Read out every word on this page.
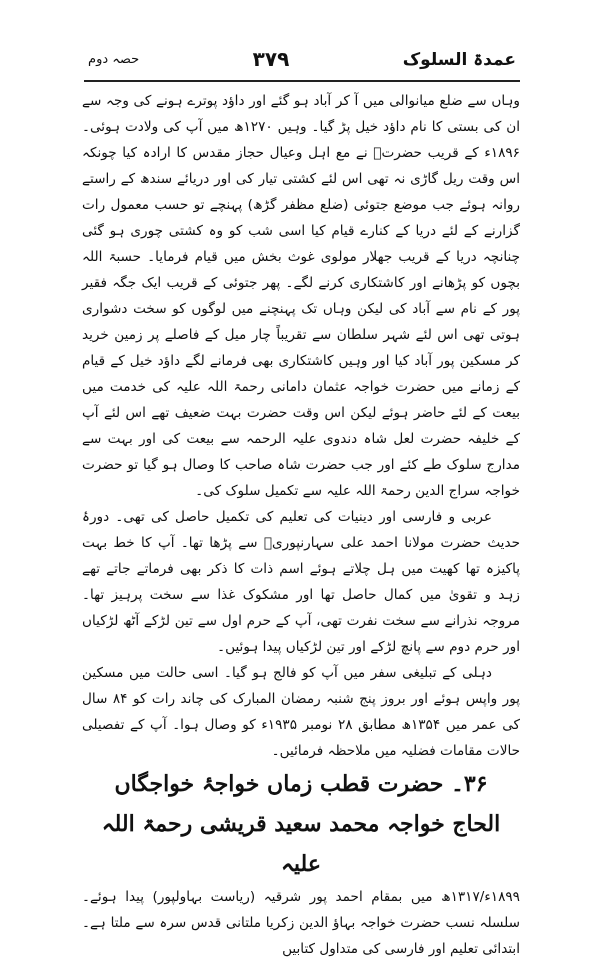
عمدۃ السلوک
۳۷۹
حصہ دوم

وہاں سے ضلع میانوالی میں آ کر آباد ہو گئے اور داؤد پوترے ہونے کی وجہ سے ان کی بستی کا نام داؤد خیل پڑ گیا۔ وہیں ۱۲۷۰ھ میں آپ کی ولادت ہوئی۔ ۱۸۹۶ء کے قریب حضرتؒ نے مع اہل وعیال حجاز مقدس کا ارادہ کیا چونکہ اس وقت ریل گاڑی نہ تھی اس لئے کشتی تیار کی اور دریائے سندھ کے راستے روانہ ہوئے جب موضع جتوئی (ضلع مظفر گڑھ) پہنچے تو حسب معمول رات گزارنے کے لئے دریا کے کنارے قیام کیا اسی شب کو وہ کشتی چوری ہو گئی چنانچہ دریا کے قریب جھلار مولوی غوث بخش میں قیام فرمایا۔ حسبۃ اللہ بچوں کو پڑھانے اور کاشتکاری کرنے لگے۔ پھر جتوئی کے قریب ایک جگہ فقیر پور کے نام سے آباد کی لیکن وہاں تک پہنچنے میں لوگوں کو سخت دشواری ہوتی تھی اس لئے شہر سلطان سے تقریباً چار میل کے فاصلے پر زمین خرید کر مسکین پور آباد کیا اور وہیں کاشتکاری بھی فرمانے لگے داؤد خیل کے قیام کے زمانے میں حضرت خواجہ عثمان دامانی رحمۃ اللہ علیہ کی خدمت میں بیعت کے لئے حاضر ہوئے لیکن اس وقت حضرت بہت ضعیف تھے اس لئے آپ کے خلیفہ حضرت لعل شاہ دندوی علیہ الرحمہ سے بیعت کی اور بہت سے مدارج سلوک طے کئے اور جب حضرت شاہ صاحب کا وصال ہو گیا تو حضرت خواجہ سراج الدین رحمۃ اللہ علیہ سے تکمیل سلوک کی۔

عربی و فارسی اور دینیات کی تعلیم کی تکمیل حاصل کی تھی۔ دورۂ حدیث حضرت مولانا احمد علی سہارنپوریؒ سے پڑھا تھا۔ آپ کا خط بہت پاکیزہ تھا کھیت میں ہل چلاتے ہوئے اسم ذات کا ذکر بھی فرماتے جاتے تھے زہد و تقویٰ میں کمال حاصل تھا اور مشکوک غذا سے سخت پرہیز تھا۔ مروجہ نذرانے سے سخت نفرت تھی، آپ کے حرم اول سے تین لڑکے آٹھ لڑکیاں اور حرم دوم سے پانچ لڑکے اور تین لڑکیاں پیدا ہوئیں۔

دہلی کے تبلیغی سفر میں آپ کو فالج ہو گیا۔ اسی حالت میں مسکین پور واپس ہوئے اور بروز پنج شنبہ رمضان المبارک کی چاند رات کو ۸۴ سال کی عمر میں ۱۳۵۴ھ مطابق ۲۸ نومبر ۱۹۳۵ء کو وصال ہوا۔ آپ کے تفصیلی حالات مقامات فضلیہ میں ملاحظہ فرمائیں۔

۳۶۔ حضرت قطب زماں خواجۂ خواجگاں

الحاج خواجہ محمد سعید قریشی رحمۃ اللہ علیہ

۱۸۹۹ء/۱۳۱۷ھ میں بمقام احمد پور شرقیہ (ریاست بہاولپور) پیدا ہوئے۔ سلسلہ نسب حضرت خواجہ بہاؤ الدین زکریا ملتانی قدس سرہ سے ملتا ہے۔ ابتدائی تعلیم اور فارسی کی متداول کتابیں
